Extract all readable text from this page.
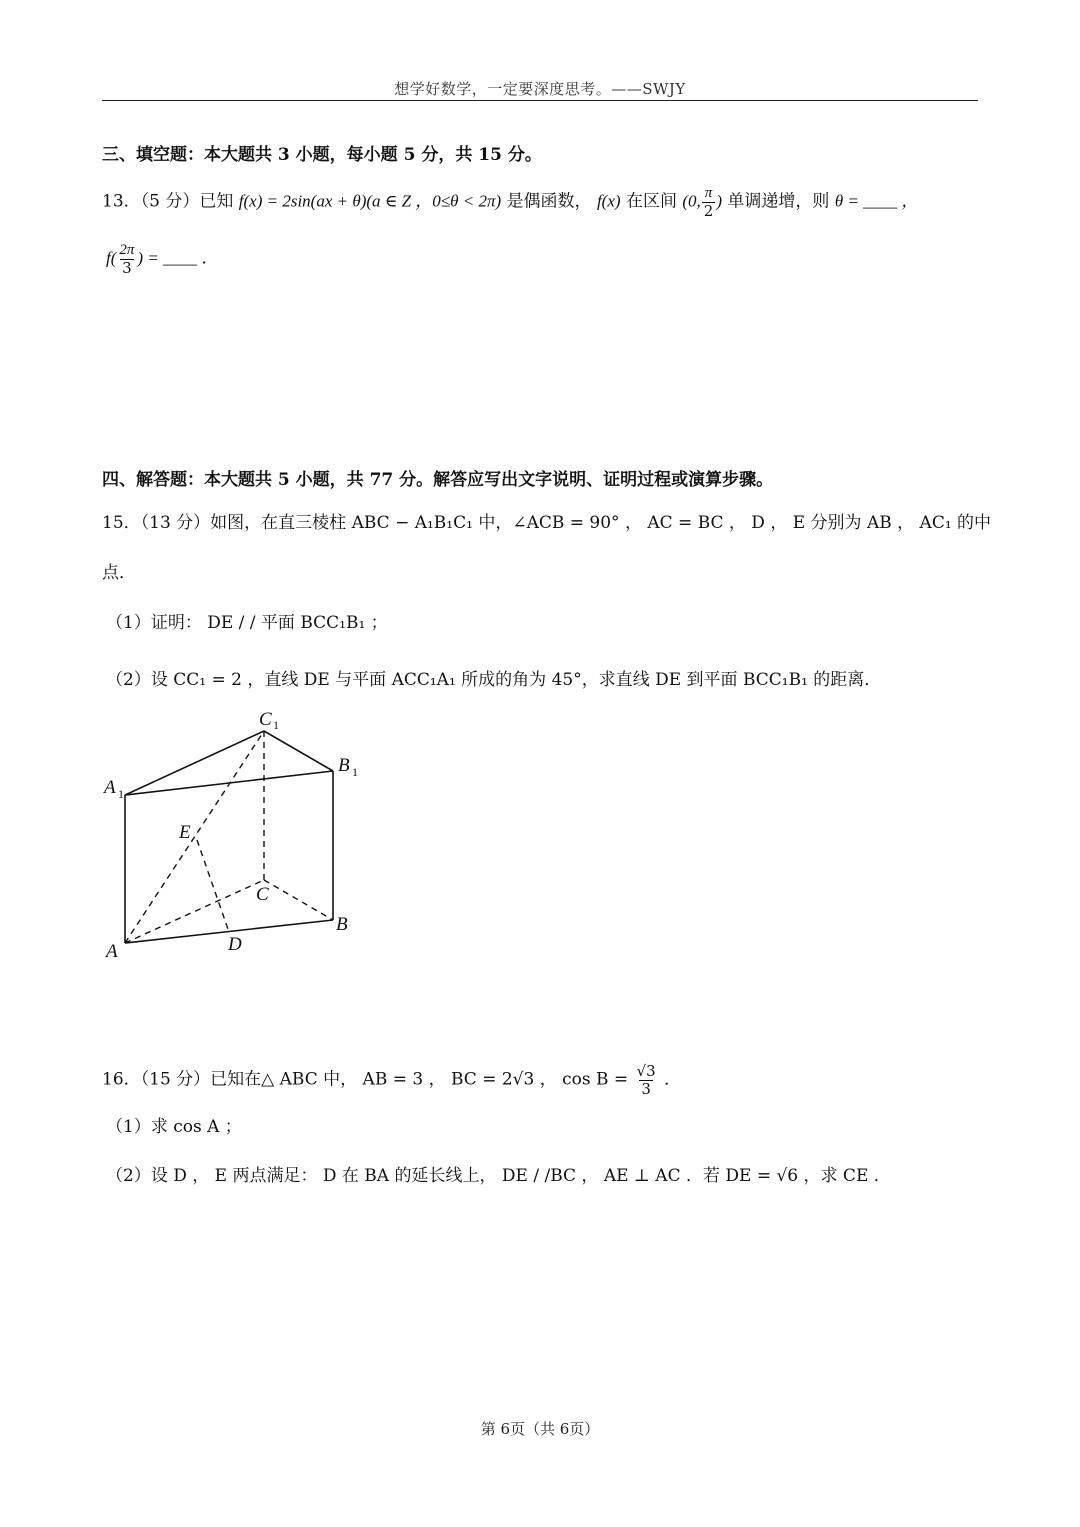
想学好数学，一定要深度思考。——SWJY
三、填空题：本大题共 3 小题，每小题 5 分，共 15 分。
13．（5 分）已知 f(x) = 2sin(ax + θ)(a ∈ Z ，0≤θ < 2π) 是偶函数， f(x) 在区间 (0, $\frac{\pi}{2}$ ) 单调递增，则 θ = ____ ，
$f( \frac{2\pi}{3}$ ) = ____ ．
四、解答题：本大题共 5 小题，共 77 分。解答应写出文字说明、证明过程或演算步骤。
15．（13 分）如图，在直三棱柱 ABC − A₁B₁C₁ 中，∠ACB = 90° ， AC = BC ， D ， E 分别为 AB ， AC₁ 的中
点．
（1）证明： DE / / 平面 BCC₁B₁ ；
（2）设 CC₁ = 2 ，直线 DE 与平面 ACC₁A₁ 所成的角为 45°，求直线 DE 到平面 BCC₁B₁ 的距离．
C 1
B 1
A 1
E
C
B
A	D
16．（15 分）已知在△ ABC 中， AB = 3 ， BC = 2√3 ， $\cos B = \frac{√3}{3}$ ．
（1）求 cos A ；
（2）设 D ， E 两点满足： D 在 BA 的延长线上， DE / /BC ， AE ⊥ AC ．若 DE = √6 ，求 CE ．
第 6页（共 6页）
